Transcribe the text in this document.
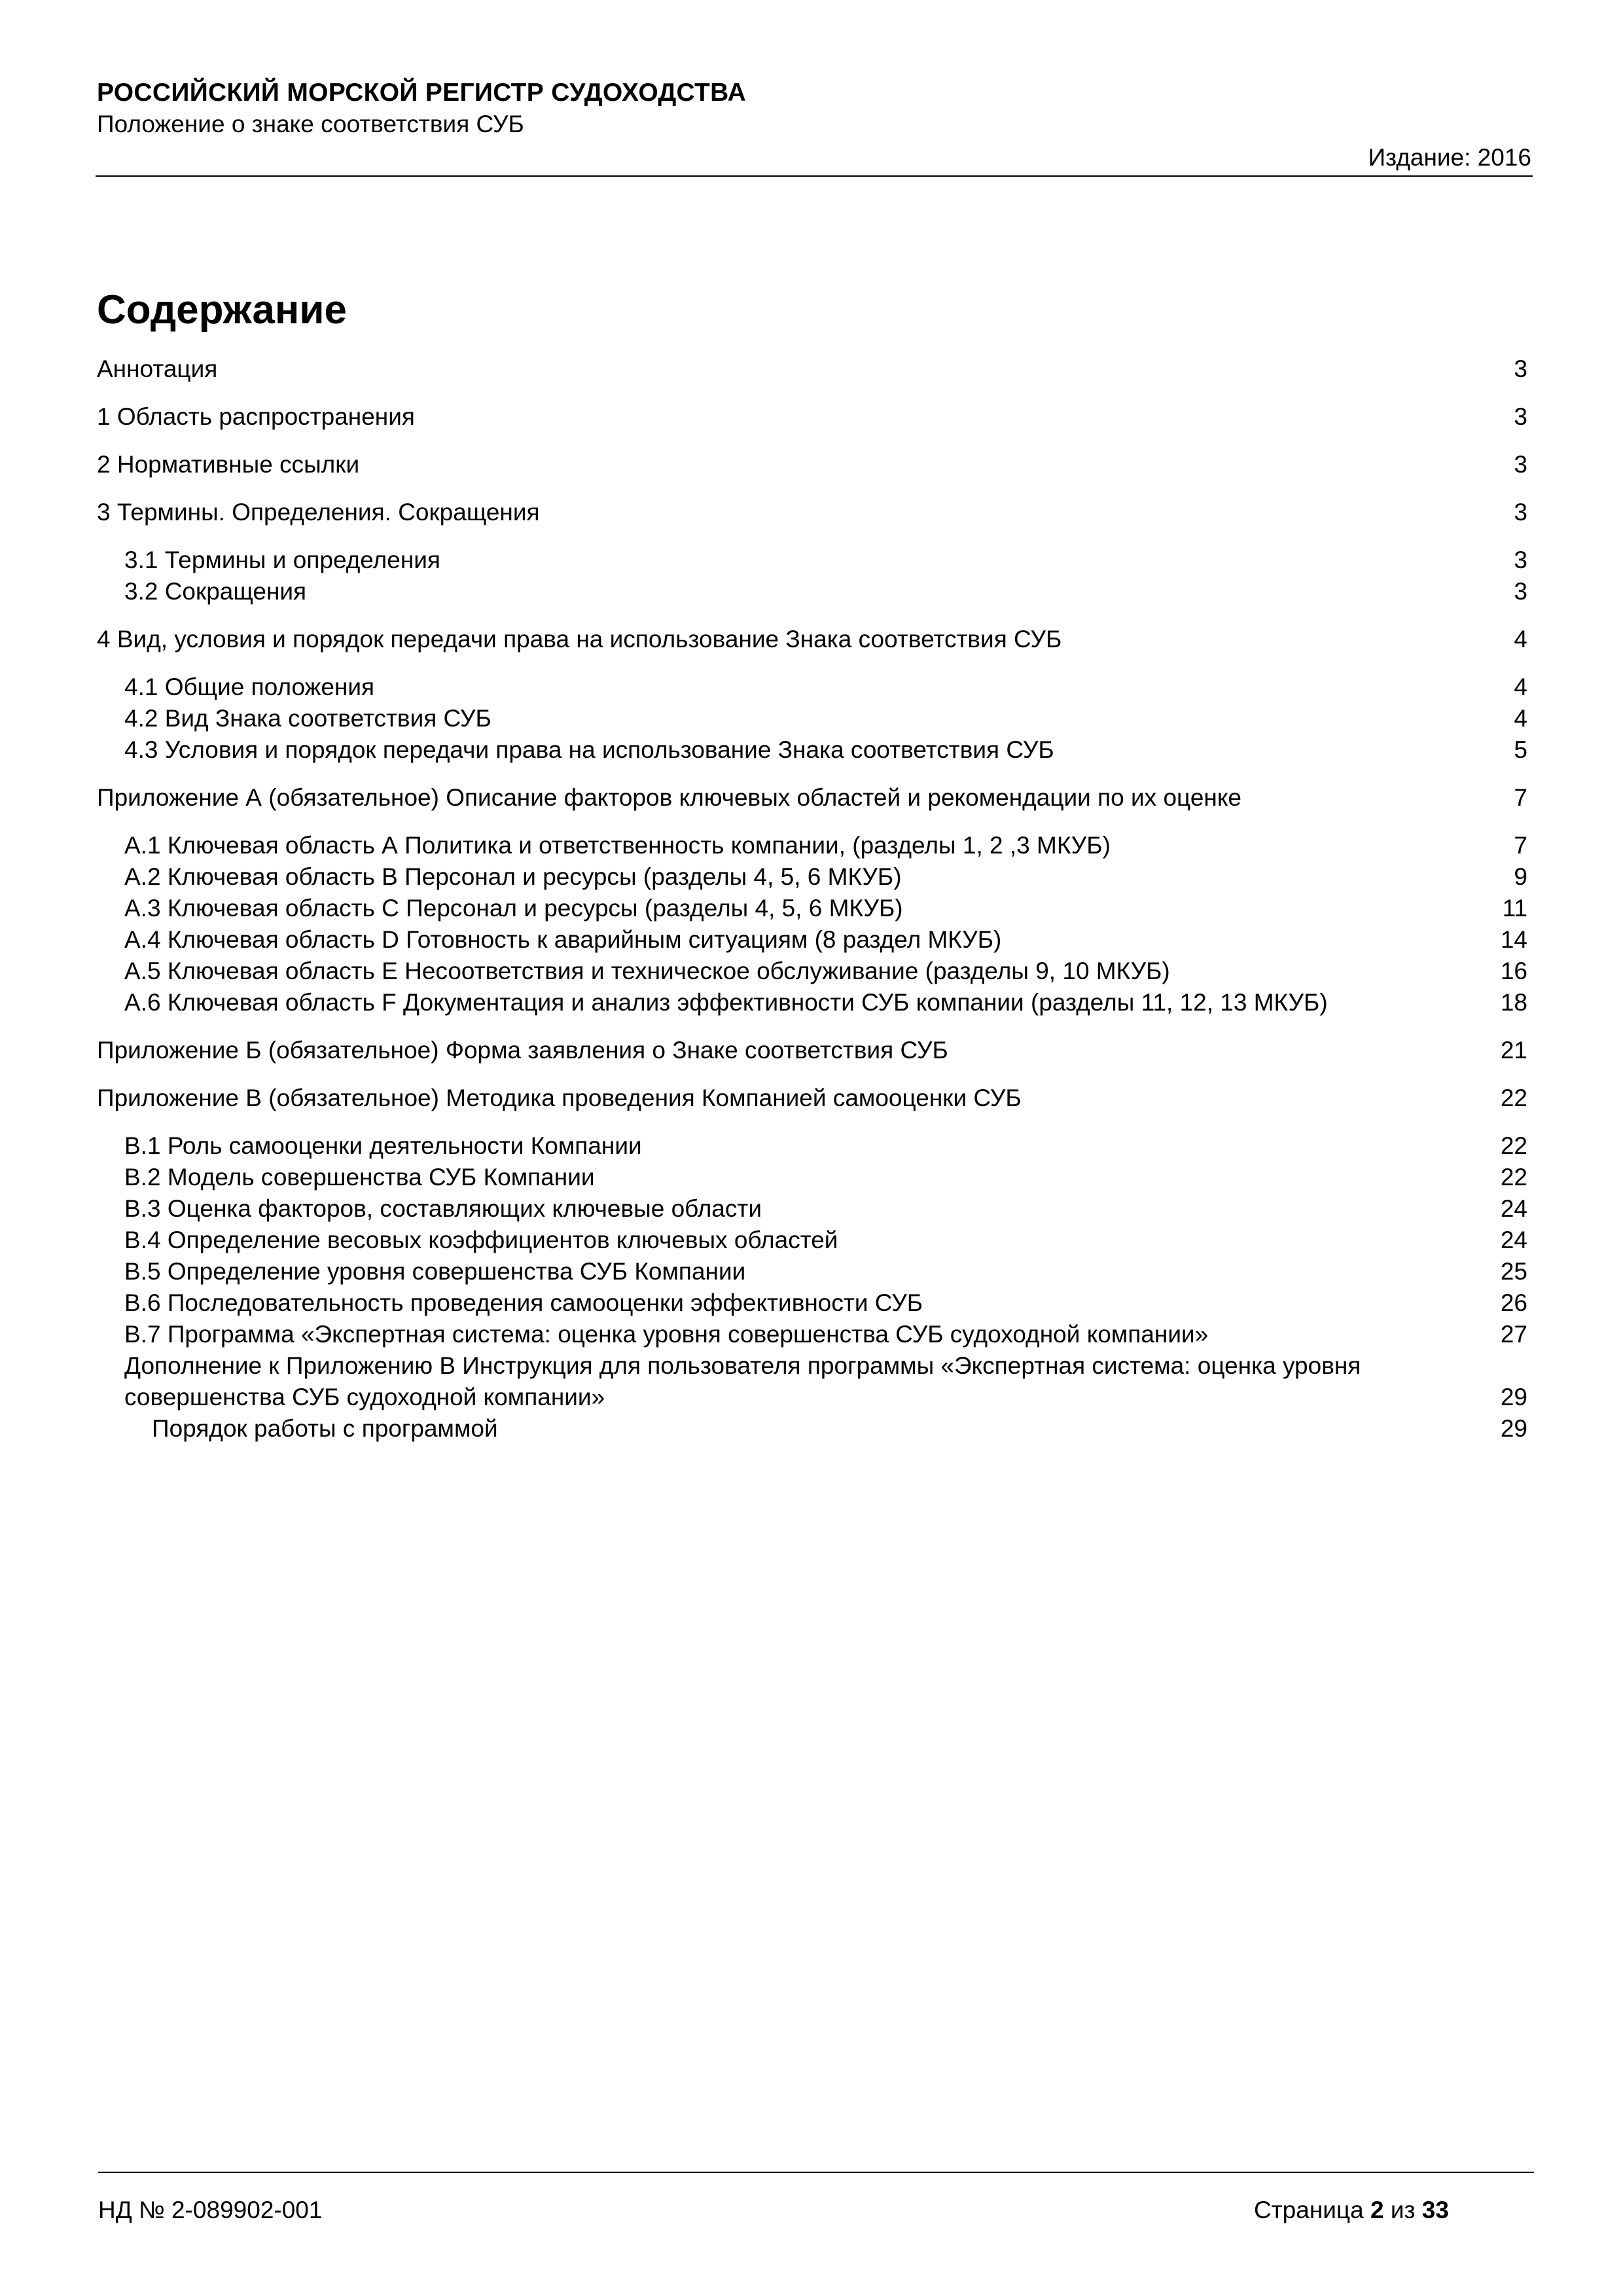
РОССИЙСКИЙ МОРСКОЙ РЕГИСТР СУДОХОДСТВА
Положение о знаке соответствия СУБ
Издание: 2016
Содержание
Аннотация	3
1 Область распространения	3
2 Нормативные ссылки	3
3 Термины. Определения. Сокращения	3
3.1 Термины и определения	3
3.2 Сокращения	3
4 Вид, условия и порядок передачи права на использование Знака соответствия СУБ	4
4.1 Общие положения	4
4.2 Вид Знака соответствия СУБ	4
4.3 Условия и порядок передачи права на использование Знака соответствия СУБ	5
Приложение А (обязательное) Описание факторов ключевых областей и рекомендации по их оценке	7
А.1 Ключевая область А Политика и ответственность компании, (разделы 1, 2 ,3 МКУБ)	7
А.2 Ключевая область B Персонал и ресурсы (разделы 4, 5, 6 МКУБ)	9
А.3 Ключевая область C Персонал и ресурсы (разделы 4, 5, 6 МКУБ)	11
А.4 Ключевая область D Готовность к аварийным ситуациям (8 раздел МКУБ)	14
А.5 Ключевая область E Несоответствия и техническое обслуживание (разделы 9, 10 МКУБ)	16
А.6 Ключевая область F Документация и анализ эффективности СУБ компании (разделы 11, 12, 13 МКУБ)	18
Приложение Б (обязательное) Форма заявления о Знаке соответствия СУБ	21
Приложение В (обязательное) Методика проведения Компанией самооценки СУБ	22
В.1 Роль самооценки деятельности Компании	22
В.2 Модель совершенства СУБ Компании	22
В.3 Оценка факторов, составляющих ключевые области	24
В.4 Определение весовых коэффициентов ключевых областей	24
В.5 Определение уровня совершенства СУБ Компании	25
В.6 Последовательность проведения самооценки эффективности СУБ	26
В.7 Программа «Экспертная система: оценка уровня совершенства СУБ судоходной компании»	27
Дополнение к Приложению В Инструкция для пользователя программы «Экспертная система: оценка уровня совершенства СУБ судоходной компании»	29
Порядок работы с программой	29
НД № 2-089902-001	Страница 2 из 33
